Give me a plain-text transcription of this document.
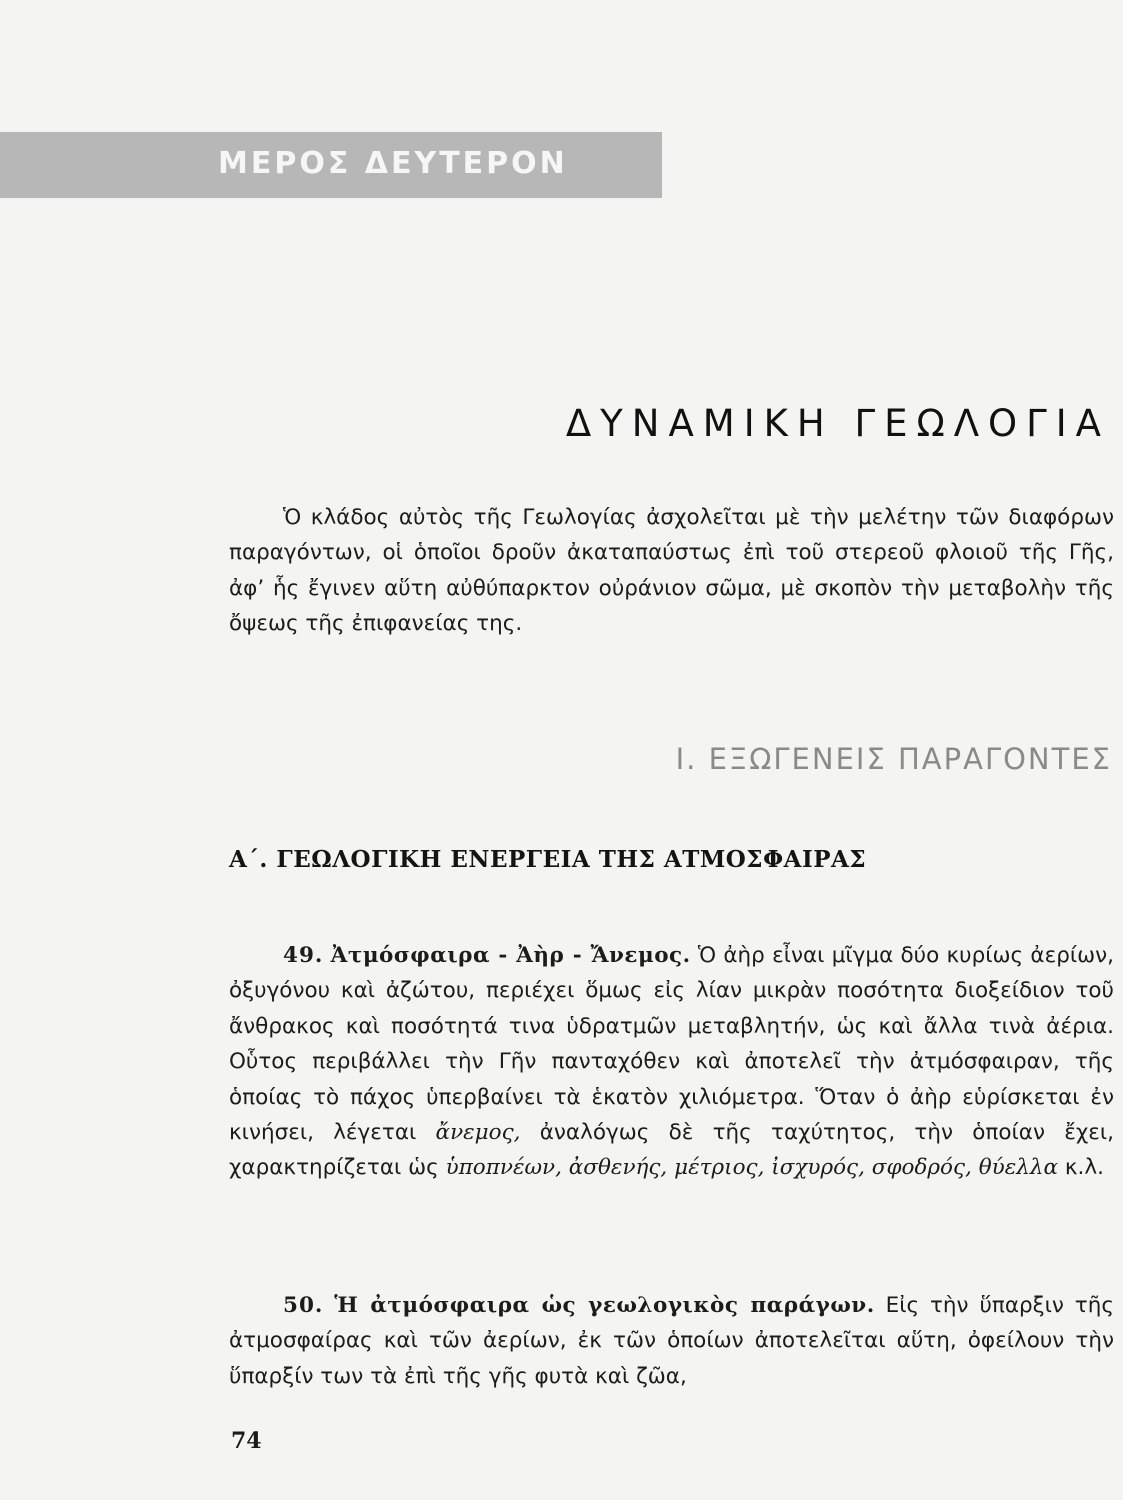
ΜΕΡΟΣ ΔΕΥΤΕΡΟΝ
ΔΥΝΑΜΙΚΗ ΓΕΩΛΟΓΙΑ

Ὁ κλάδος αὐτὸς τῆς Γεωλογίας ἀσχολεῖται μὲ τὴν μελέτην τῶν διαφόρων παραγόντων, οἱ ὁποῖοι δροῦν ἀκαταπαύστως ἐπὶ τοῦ στερεοῦ φλοιοῦ τῆς Γῆς, ἀφ’ ἧς ἔγινεν αὕτη αὐθύπαρκτον οὐράνιον σῶμα, μὲ σκοπὸν τὴν μεταβολὴν τῆς ὄψεως τῆς ἐπιφανείας της.

I. ΕΞΩΓΕΝΕΙΣ ΠΑΡΑΓΟΝΤΕΣ
Α΄. ΓΕΩΛΟΓΙΚΗ ΕΝΕΡΓΕΙΑ ΤΗΣ ΑΤΜΟΣΦΑΙΡΑΣ

49. Ἀτμόσφαιρα - Ἀὴρ - Ἄνεμος. Ὁ ἀὴρ εἶναι μῖγμα δύο κυρίως ἀερίων, ὀξυγόνου καὶ ἀζώτου, περιέχει ὅμως εἰς λίαν μικρὰν ποσότητα διοξείδιον τοῦ ἄνθρακος καὶ ποσότητά τινα ὑδρατμῶν μεταβλητήν, ὡς καὶ ἄλλα τινὰ ἀέρια. Οὗτος περιβάλλει τὴν Γῆν πανταχόθεν καὶ ἀποτελεῖ τὴν ἀτμόσφαιραν, τῆς ὁποίας τὸ πάχος ὑπερβαίνει τὰ ἑκατὸν χιλιόμετρα. Ὅταν ὁ ἀὴρ εὑρίσκεται ἐν κινήσει, λέγεται ἄνεμος, ἀναλόγως δὲ τῆς ταχύτητος, τὴν ὁποίαν ἔχει, χαρακτηρίζεται ὡς ὑποπνέων, ἀσθενής, μέτριος, ἰσχυρός, σφοδρός, θύελλα κ.λ.

50. Ἡ ἀτμόσφαιρα ὡς γεωλογικὸς παράγων. Εἰς τὴν ὕπαρξιν τῆς ἀτμοσφαίρας καὶ τῶν ἀερίων, ἐκ τῶν ὁποίων ἀποτελεῖται αὕτη, ὀφείλουν τὴν ὕπαρξίν των τὰ ἐπὶ τῆς γῆς φυτὰ καὶ ζῶα,

74
